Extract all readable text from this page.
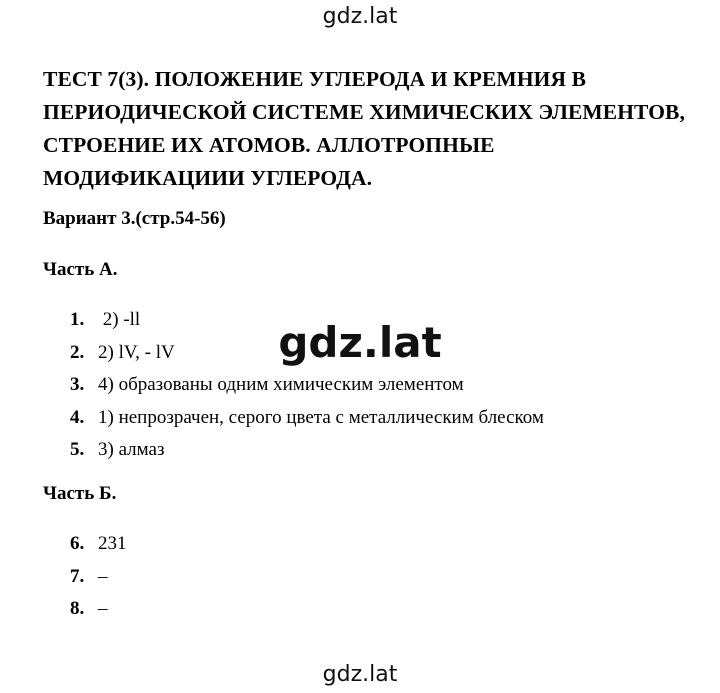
gdz.lat
ТЕСТ 7(3). ПОЛОЖЕНИЕ УГЛЕРОДА И КРЕМНИЯ В
ПЕРИОДИЧЕСКОЙ СИСТЕМЕ ХИМИЧЕСКИХ ЭЛЕМЕНТОВ,
СТРОЕНИЕ ИХ АТОМОВ. АЛЛОТРОПНЫЕ
МОДИФИКАЦИИИ УГЛЕРОДА.
Вариант 3.(стр.54-56)
Часть А.
1. 2) -ll
2. 2) lV, - lV
3. 4) образованы одним химическим элементом
4. 1) непрозрачен, серого цвета с металлическим блеском
5. 3) алмаз
gdz.lat
Часть Б.
6. 231
7. –
8. –
gdz.lat
